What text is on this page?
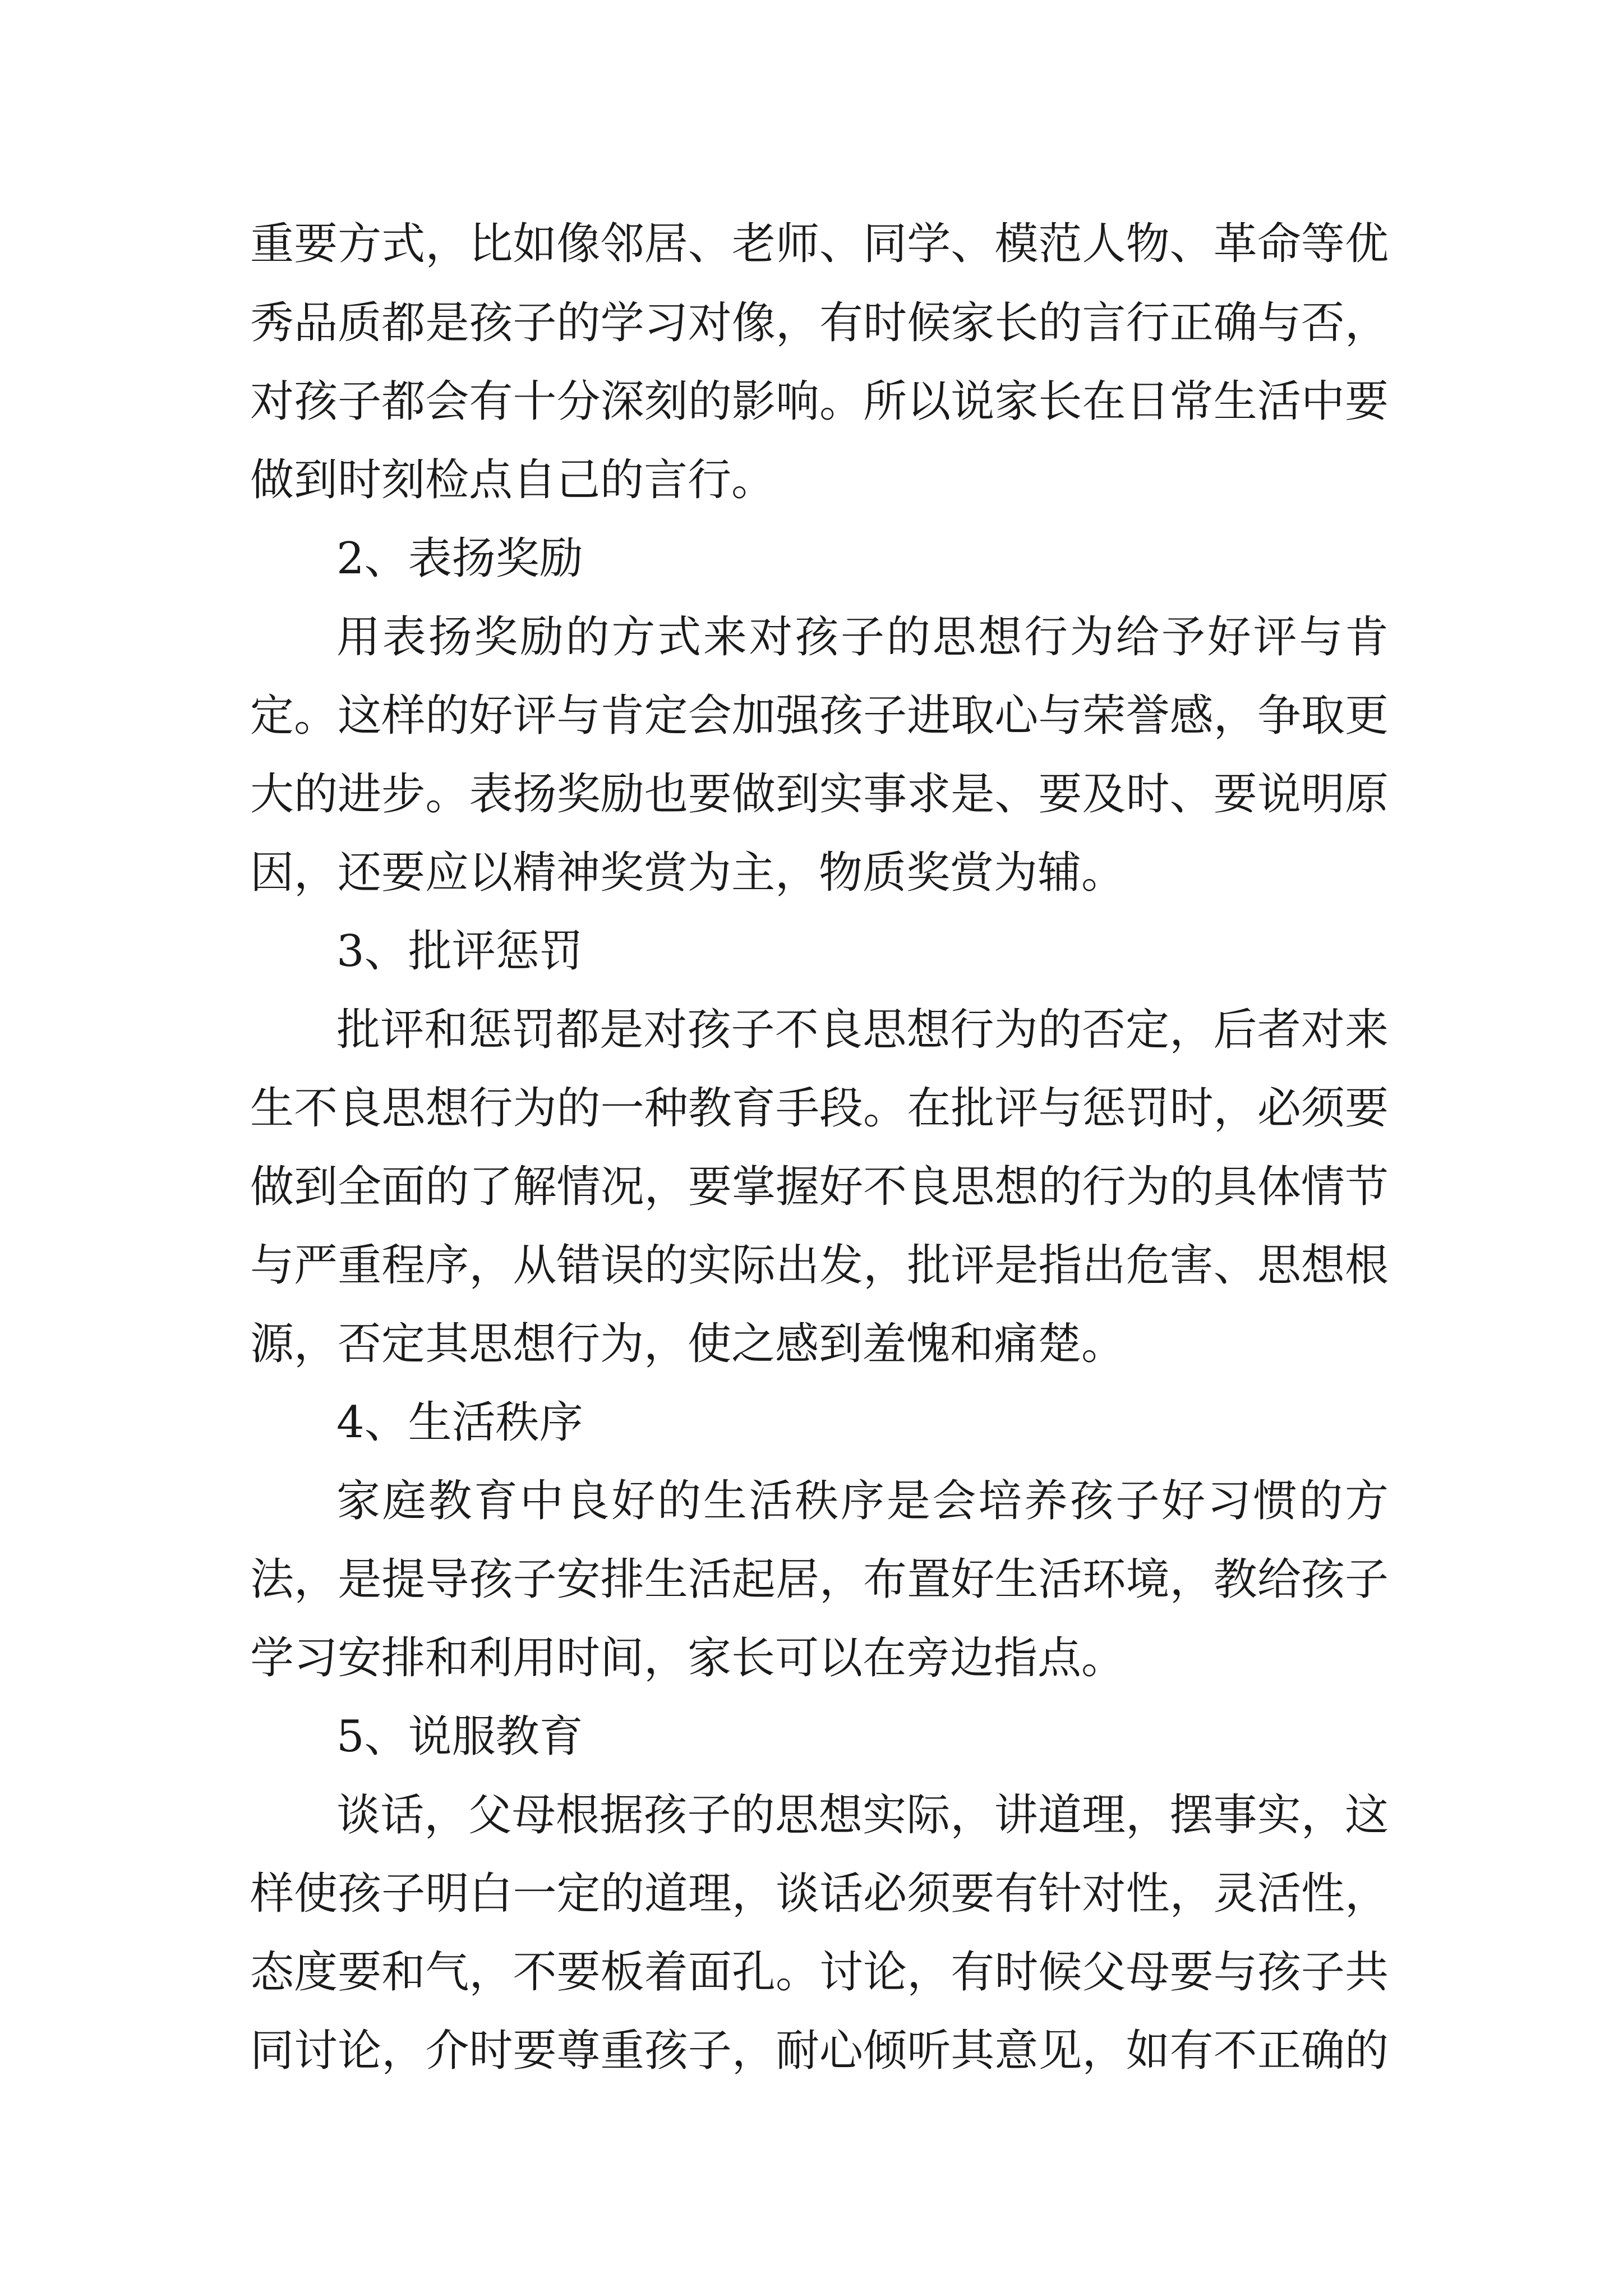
重要方式，比如像邻居、老师、同学、模范人物、革命等优
秀品质都是孩子的学习对像，有时候家长的言行正确与否，
对孩子都会有十分深刻的影响。所以说家长在日常生活中要
做到时刻检点自己的言行。
2、表扬奖励
用表扬奖励的方式来对孩子的思想行为给予好评与肯
定。这样的好评与肯定会加强孩子进取心与荣誉感，争取更
大的进步。表扬奖励也要做到实事求是、要及时、要说明原
因，还要应以精神奖赏为主，物质奖赏为辅。
3、批评惩罚
批评和惩罚都是对孩子不良思想行为的否定，后者对来
生不良思想行为的一种教育手段。在批评与惩罚时，必须要
做到全面的了解情况，要掌握好不良思想的行为的具体情节
与严重程序，从错误的实际出发，批评是指出危害、思想根
源，否定其思想行为，使之感到羞愧和痛楚。
4、生活秩序
家庭教育中良好的生活秩序是会培养孩子好习惯的方
法，是提导孩子安排生活起居，布置好生活环境，教给孩子
学习安排和利用时间，家长可以在旁边指点。
5、说服教育
谈话，父母根据孩子的思想实际，讲道理，摆事实，这
样使孩子明白一定的道理，谈话必须要有针对性，灵活性，
态度要和气，不要板着面孔。讨论，有时候父母要与孩子共
同讨论，介时要尊重孩子，耐心倾听其意见，如有不正确的
